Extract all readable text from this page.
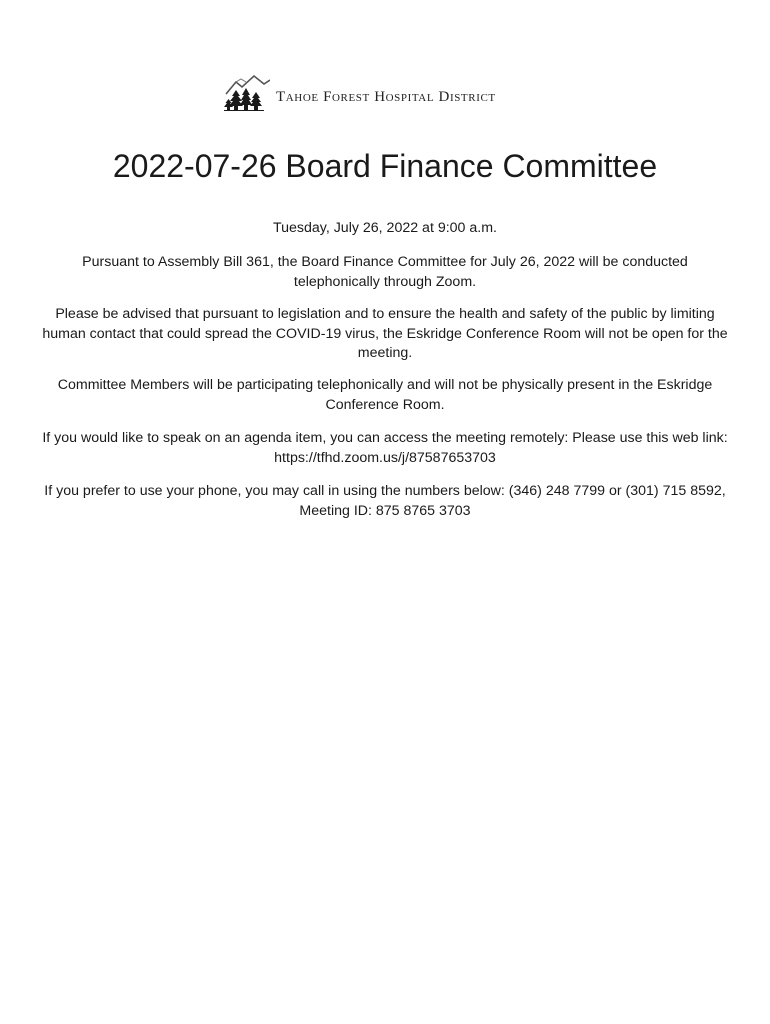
Tahoe Forest Hospital District
2022-07-26 Board Finance Committee

Tuesday, July 26, 2022 at 9:00 a.m.

Pursuant to Assembly Bill 361, the Board Finance Committee for July 26, 2022 will be conducted telephonically through Zoom.

Please be advised that pursuant to legislation and to ensure the health and safety of the public by limiting human contact that could spread the COVID-19 virus, the Eskridge Conference Room will not be open for the meeting.

Committee Members will be participating telephonically and will not be physically present in the Eskridge Conference Room.

If you would like to speak on an agenda item, you can access the meeting remotely: Please use this web link: https://tfhd.zoom.us/j/87587653703

If you prefer to use your phone, you may call in using the numbers below: (346) 248 7799 or (301) 715 8592, Meeting ID: 875 8765 3703
